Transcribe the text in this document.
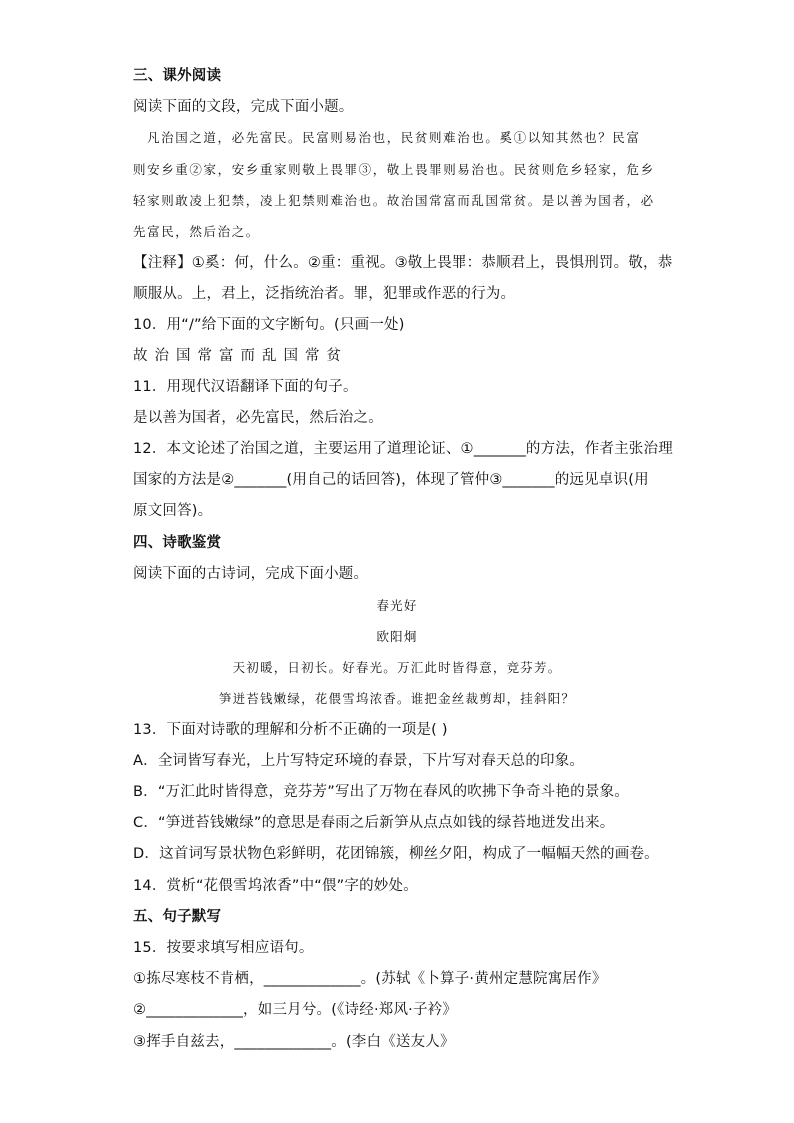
三、课外阅读
阅读下面的文段，完成下面小题。
凡治国之道，必先富民。民富则易治也，民贫则难治也。奚①以知其然也？民富
则安乡重②家，安乡重家则敬上畏罪③，敬上畏罪则易治也。民贫则危乡轻家，危乡
轻家则敢凌上犯禁，凌上犯禁则难治也。故治国常富而乱国常贫。是以善为国者，必
先富民，然后治之。
【注释】①奚：何，什么。②重：重视。③敬上畏罪：恭顺君上，畏惧刑罚。敬，恭
顺服从。上，君上，泛指统治者。罪，犯罪或作恶的行为。
10．用“/”给下面的文字断句。(只画一处)
故治国常富而乱国常贫
11．用现代汉语翻译下面的句子。
是以善为国者，必先富民，然后治之。
12．本文论述了治国之道，主要运用了道理论证、①_______的方法，作者主张治理
国家的方法是②_______(用自己的话回答)，体现了管仲③_______的远见卓识(用
原文回答)。
四、诗歌鉴赏
阅读下面的古诗词，完成下面小题。
春光好
欧阳炯
天初暖，日初长。好春光。万汇此时皆得意，竞芬芳。
笋迸苔钱嫩绿，花偎雪坞浓香。谁把金丝裁剪却，挂斜阳？
13．下面对诗歌的理解和分析不正确的一项是( )
A．全词皆写春光，上片写特定环境的春景，下片写对春天总的印象。
B．“万汇此时皆得意，竞芬芳”写出了万物在春风的吹拂下争奇斗艳的景象。
C．“笋迸苔钱嫩绿”的意思是春雨之后新笋从点点如钱的绿苔地迸发出来。
D．这首词写景状物色彩鲜明，花团锦簇，柳丝夕阳，构成了一幅幅天然的画卷。
14．赏析“花偎雪坞浓香”中“偎”字的妙处。
五、句子默写
15．按要求填写相应语句。
①拣尽寒枝不肯栖，_____________。(苏轼《卜算子·黄州定慧院寓居作》
②_____________，如三月兮。(《诗经·郑风·子衿》
③挥手自兹去，_____________。(李白《送友人》
